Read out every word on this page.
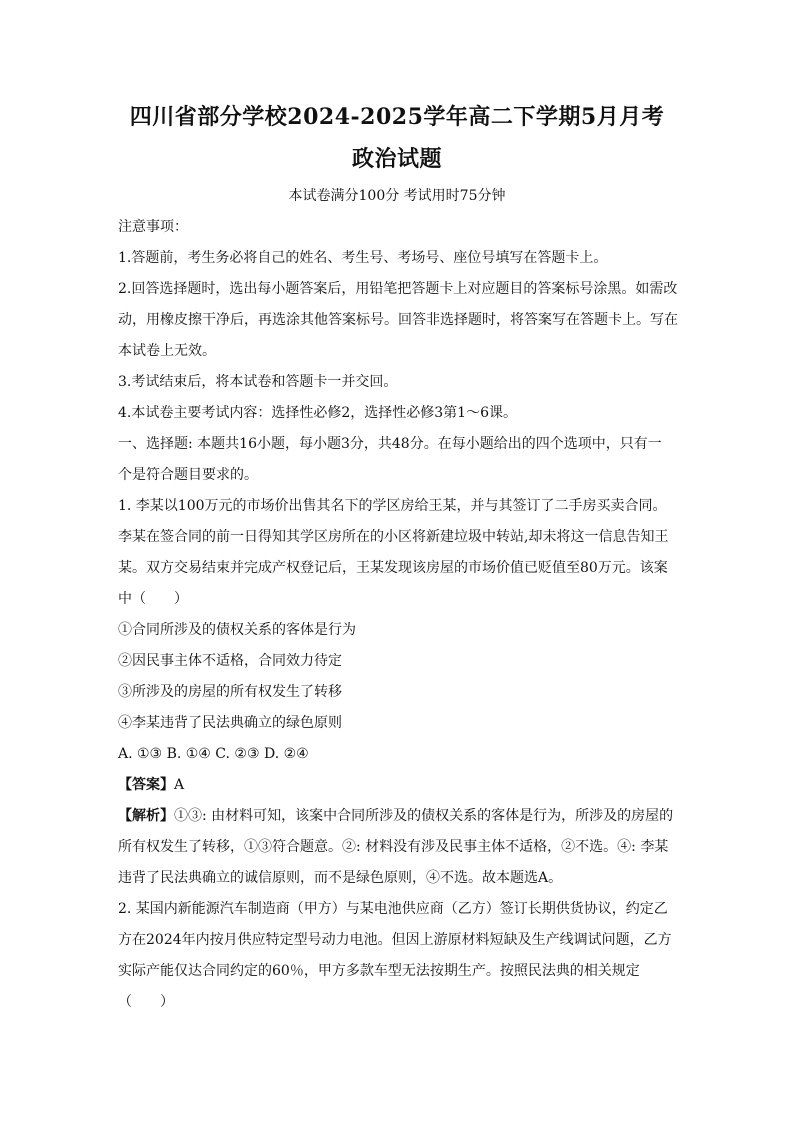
四川省部分学校2024-2025学年高二下学期5月月考
政治试题
本试卷满分100分 考试用时75分钟
注意事项：
1.答题前，考生务必将自己的姓名、考生号、考场号、座位号填写在答题卡上。
2.回答选择题时，选出每小题答案后，用铅笔把答题卡上对应题目的答案标号涂黑。如需改
动，用橡皮擦干净后，再选涂其他答案标号。回答非选择题时，将答案写在答题卡上。写在
本试卷上无效。
3.考试结束后，将本试卷和答题卡一并交回。
4.本试卷主要考试内容：选择性必修2，选择性必修3第1～6课。
一、选择题: 本题共16小题，每小题3分，共48分。在每小题给出的四个选项中，只有一
个是符合题目要求的。
1. 李某以100万元的市场价出售其名下的学区房给王某，并与其签订了二手房买卖合同。
李某在签合同的前一日得知其学区房所在的小区将新建垃圾中转站,却未将这一信息告知王
某。双方交易结束并完成产权登记后，王某发现该房屋的市场价值已贬值至80万元。该案
中（　　）
①合同所涉及的债权关系的客体是行为
②因民事主体不适格，合同效力待定
③所涉及的房屋的所有权发生了转移
④李某违背了民法典确立的绿色原则
A. ①③ B. ①④ C. ②③ D. ②④
【答案】A
【解析】①③: 由材料可知，该案中合同所涉及的债权关系的客体是行为，所涉及的房屋的
所有权发生了转移，①③符合题意。②: 材料没有涉及民事主体不适格，②不选。④: 李某
违背了民法典确立的诚信原则，而不是绿色原则，④不选。故本题选A。
2. 某国内新能源汽车制造商（甲方）与某电池供应商（乙方）签订长期供货协议，约定乙
方在2024年内按月供应特定型号动力电池。但因上游原材料短缺及生产线调试问题，乙方
实际产能仅达合同约定的60％，甲方多款车型无法按期生产。按照民法典的相关规定
（　　）
